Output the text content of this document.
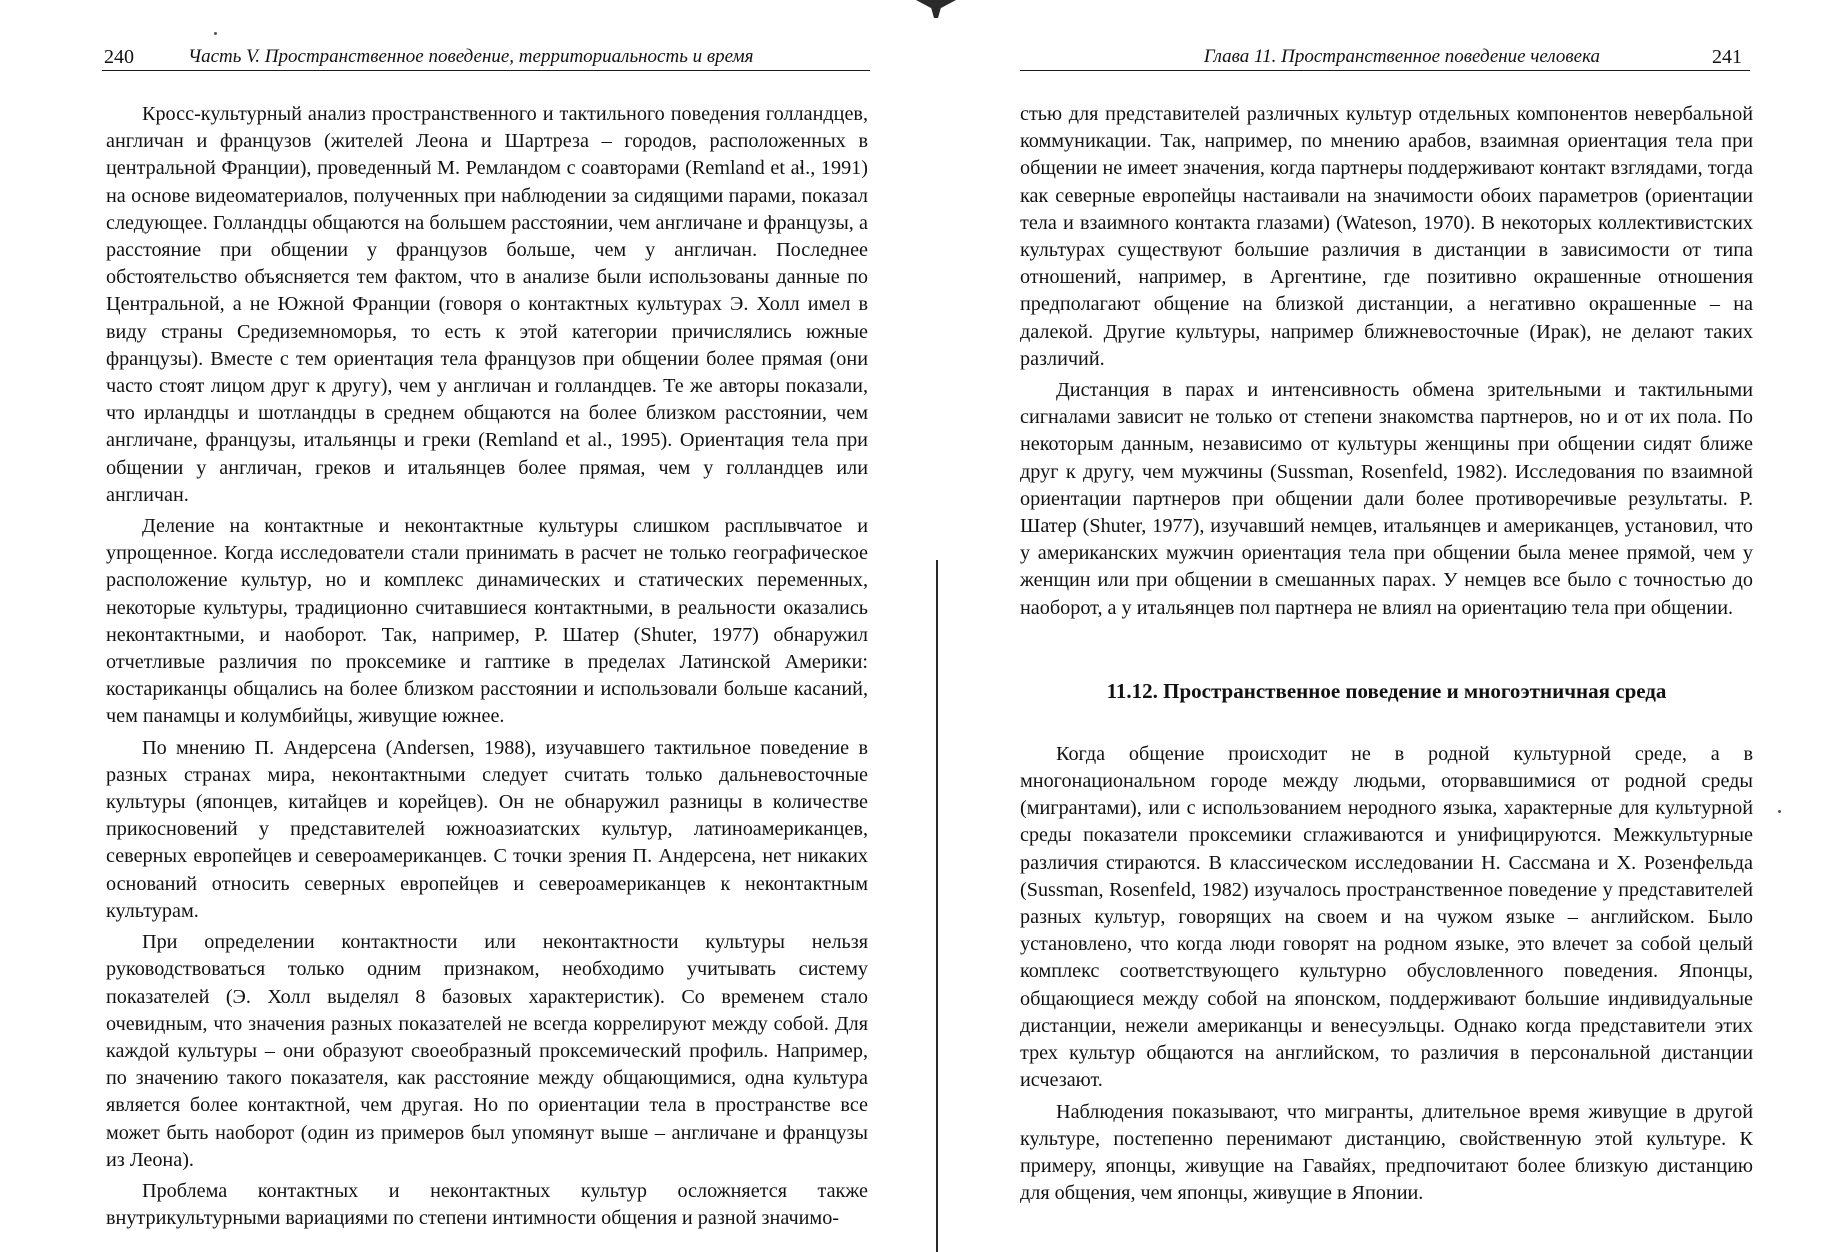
240	Часть V. Пространственное поведение, территориальность и время

Кросс-культурный анализ пространственного и тактильного поведения голландцев, англичан и французов (жителей Леона и Шартреза – городов, расположенных в центральной Франции), проведенный М. Ремландом с соавторами (Remland et al., 1991) на основе видеоматериалов, полученных при наблюдении за сидящими парами, показал следующее. Голландцы общаются на большем расстоянии, чем англичане и французы, а расстояние при общении у французов больше, чем у англичан. Последнее обстоятельство объясняется тем фактом, что в анализе были использованы данные по Центральной, а не Южной Франции (говоря о контактных культурах Э. Холл имел в виду страны Средиземноморья, то есть к этой категории причислялись южные французы). Вместе с тем ориентация тела французов при общении более прямая (они часто стоят лицом друг к другу), чем у англичан и голландцев. Те же авторы показали, что ирландцы и шотландцы в среднем общаются на более близком расстоянии, чем англичане, французы, итальянцы и греки (Remland et al., 1995). Ориентация тела при общении у англичан, греков и итальянцев более прямая, чем у голландцев или англичан.

Деление на контактные и неконтактные культуры слишком расплывчатое и упрощенное. Когда исследователи стали принимать в расчет не только географическое расположение культур, но и комплекс динамических и статических переменных, некоторые культуры, традиционно считавшиеся контактными, в реальности оказались неконтактными, и наоборот. Так, например, Р. Шатер (Shuter, 1977) обнаружил отчетливые различия по проксемике и гаптике в пределах Латинской Америки: костариканцы общались на более близком расстоянии и использовали больше касаний, чем панамцы и колумбийцы, живущие южнее.

По мнению П. Андерсена (Andersen, 1988), изучавшего тактильное поведение в разных странах мира, неконтактными следует считать только дальневосточные культуры (японцев, китайцев и корейцев). Он не обнаружил разницы в количестве прикосновений у представителей южноазиатских культур, латиноамериканцев, северных европейцев и североамериканцев. С точки зрения П. Андерсена, нет никаких оснований относить северных европейцев и североамериканцев к неконтактным культурам.

При определении контактности или неконтактности культуры нельзя руководствоваться только одним признаком, необходимо учитывать систему показателей (Э. Холл выделял 8 базовых характеристик). Со временем стало очевидным, что значения разных показателей не всегда коррелируют между собой. Для каждой культуры – они образуют своеобразный проксемический профиль. Например, по значению такого показателя, как расстояние между общающимися, одна культура является более контактной, чем другая. Но по ориентации тела в пространстве все может быть наоборот (один из примеров был упомянут выше – англичане и французы из Леона).

Проблема контактных и неконтактных культур осложняется также внутрикультурными вариациями по степени интимности общения и разной значимо-

Глава 11. Пространственное поведение человека	241

стью для представителей различных культур отдельных компонентов невербальной коммуникации. Так, например, по мнению арабов, взаимная ориентация тела при общении не имеет значения, когда партнеры поддерживают контакт взглядами, тогда как северные европейцы настаивали на значимости обоих параметров (ориентации тела и взаимного контакта глазами) (Wateson, 1970). В некоторых коллективистских культурах существуют большие различия в дистанции в зависимости от типа отношений, например, в Аргентине, где позитивно окрашенные отношения предполагают общение на близкой дистанции, а негативно окрашенные – на далекой. Другие культуры, например ближневосточные (Ирак), не делают таких различий.

Дистанция в парах и интенсивность обмена зрительными и тактильными сигналами зависит не только от степени знакомства партнеров, но и от их пола. По некоторым данным, независимо от культуры женщины при общении сидят ближе друг к другу, чем мужчины (Sussman, Rosenfeld, 1982). Исследования по взаимной ориентации партнеров при общении дали более противоречивые результаты. Р. Шатер (Shuter, 1977), изучавший немцев, итальянцев и американцев, установил, что у американских мужчин ориентация тела при общении была менее прямой, чем у женщин или при общении в смешанных парах. У немцев все было с точностью до наоборот, а у итальянцев пол партнера не влиял на ориентацию тела при общении.

11.12. Пространственное поведение и многоэтничная среда

Когда общение происходит не в родной культурной среде, а в многонациональном городе между людьми, оторвавшимися от родной среды (мигрантами), или с использованием неродного языка, характерные для культурной среды показатели проксемики сглаживаются и унифицируются. Межкультурные различия стираются. В классическом исследовании Н. Сассмана и Х. Розенфельда (Sussman, Rosenfeld, 1982) изучалось пространственное поведение у представителей разных культур, говорящих на своем и на чужом языке – английском. Было установлено, что когда люди говорят на родном языке, это влечет за собой целый комплекс соответствующего культурно обусловленного поведения. Японцы, общающиеся между собой на японском, поддерживают большие индивидуальные дистанции, нежели американцы и венесуэльцы. Однако когда представители этих трех культур общаются на английском, то различия в персональной дистанции исчезают.

Наблюдения показывают, что мигранты, длительное время живущие в другой культуре, постепенно перенимают дистанцию, свойственную этой культуре. К примеру, японцы, живущие на Гавайях, предпочитают более близкую дистанцию для общения, чем японцы, живущие в Японии.
